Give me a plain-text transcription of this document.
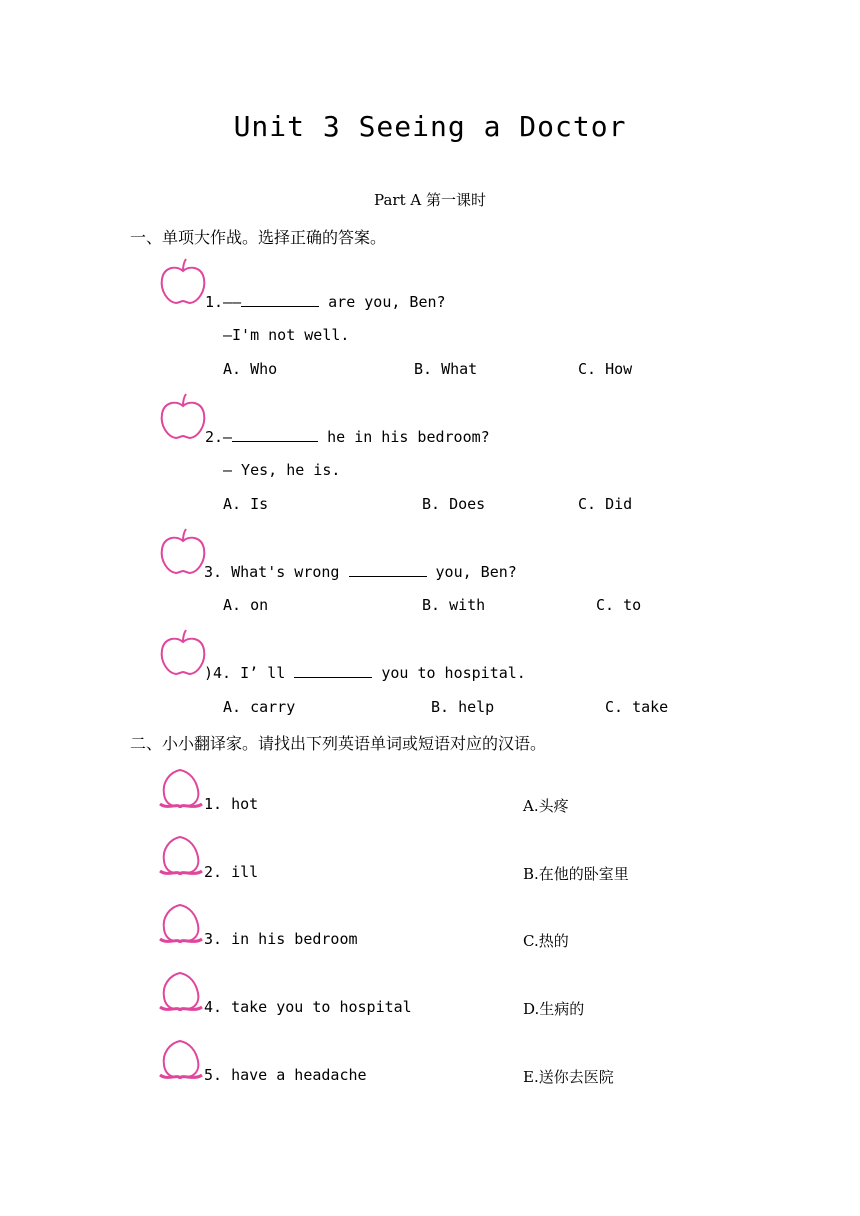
Unit 3 Seeing a Doctor
Part A 第一课时
一、单项大作战。选择正确的答案。
1.——	are you, Ben?
—I'm not well.
A. Who	B. What	C. How
2.—	he in his bedroom?
— Yes, he is.
A. Is	B. Does	C. Did
3. What's wrong	you, Ben?
A. on	B. with	C. to
)4. I’ ll	you to hospital.
A. carry	B. help	C. take
二、小小翻译家。请找出下列英语单词或短语对应的汉语。
1. hot	A.头疼
2. ill	B.在他的卧室里
3. in his bedroom	C.热的
4. take you to hospital	D.生病的
5. have a headache	E.送你去医院
